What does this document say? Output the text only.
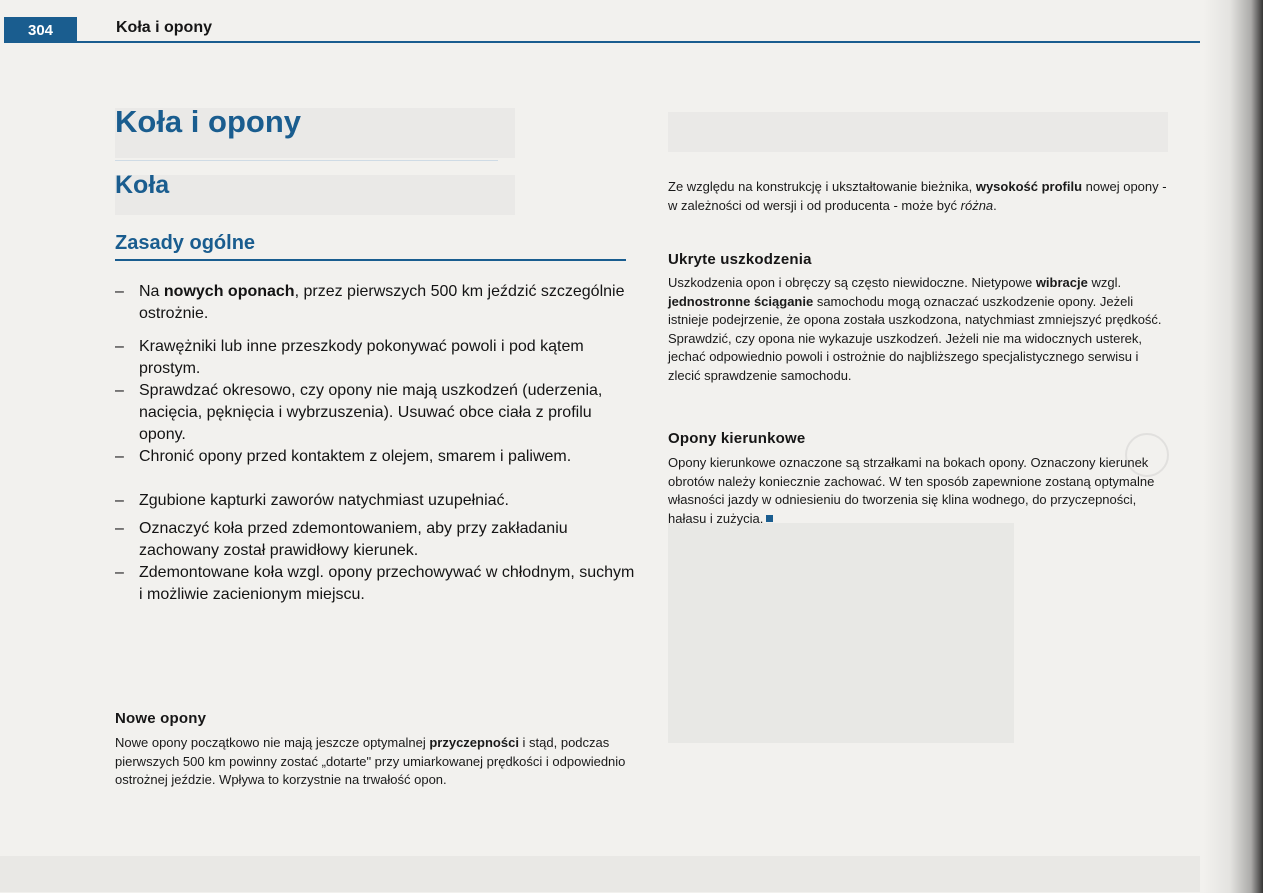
304	Koła i opony
Koła i opony
Koła
Zasady ogólne
– Na nowych oponach, przez pierwszych 500 km jeździć szczególnie ostrożnie.
– Krawężniki lub inne przeszkody pokonywać powoli i pod kątem prostym.
– Sprawdzać okresowo, czy opony nie mają uszkodzeń (uderzenia, nacięcia, pęknięcia i wybrzuszenia). Usuwać obce ciała z profilu opony.
– Chronić opony przed kontaktem z olejem, smarem i paliwem.
– Zgubione kapturki zaworów natychmiast uzupełniać.
– Oznaczyć koła przed zdemontowaniem, aby przy zakładaniu zachowany został prawidłowy kierunek.
– Zdemontowane koła wzgl. opony przechowywać w chłodnym, suchym i możliwie zacienionym miejscu.
Nowe opony
Nowe opony początkowo nie mają jeszcze optymalnej przyczepności i stąd, podczas pierwszych 500 km powinny zostać „dotarte" przy umiarkowanej prędkości i odpowiednio ostrożnej jeździe. Wpływa to korzystnie na trwałość opon.
Ze względu na konstrukcję i ukształtowanie bieżnika, wysokość profilu nowej opony - w zależności od wersji i od producenta - może być różna.
Ukryte uszkodzenia
Uszkodzenia opon i obręczy są często niewidoczne. Nietypowe wibracje wzgl. jednostronne ściąganie samochodu mogą oznaczać uszkodzenie opony. Jeżeli istnieje podejrzenie, że opona została uszkodzona, natychmiast zmniejszyć prędkość. Sprawdzić, czy opona nie wykazuje uszkodzeń. Jeżeli nie ma widocznych usterek, jechać odpowiednio powoli i ostrożnie do najbliższego specjalistycznego serwisu i zlecić sprawdzenie samochodu.
Opony kierunkowe
Opony kierunkowe oznaczone są strzałkami na bokach opony. Oznaczony kierunek obrotów należy koniecznie zachować. W ten sposób zapewnione zostaną optymalne własności jazdy w odniesieniu do tworzenia się klina wodnego, do przyczepności, hałasu i zużycia.
